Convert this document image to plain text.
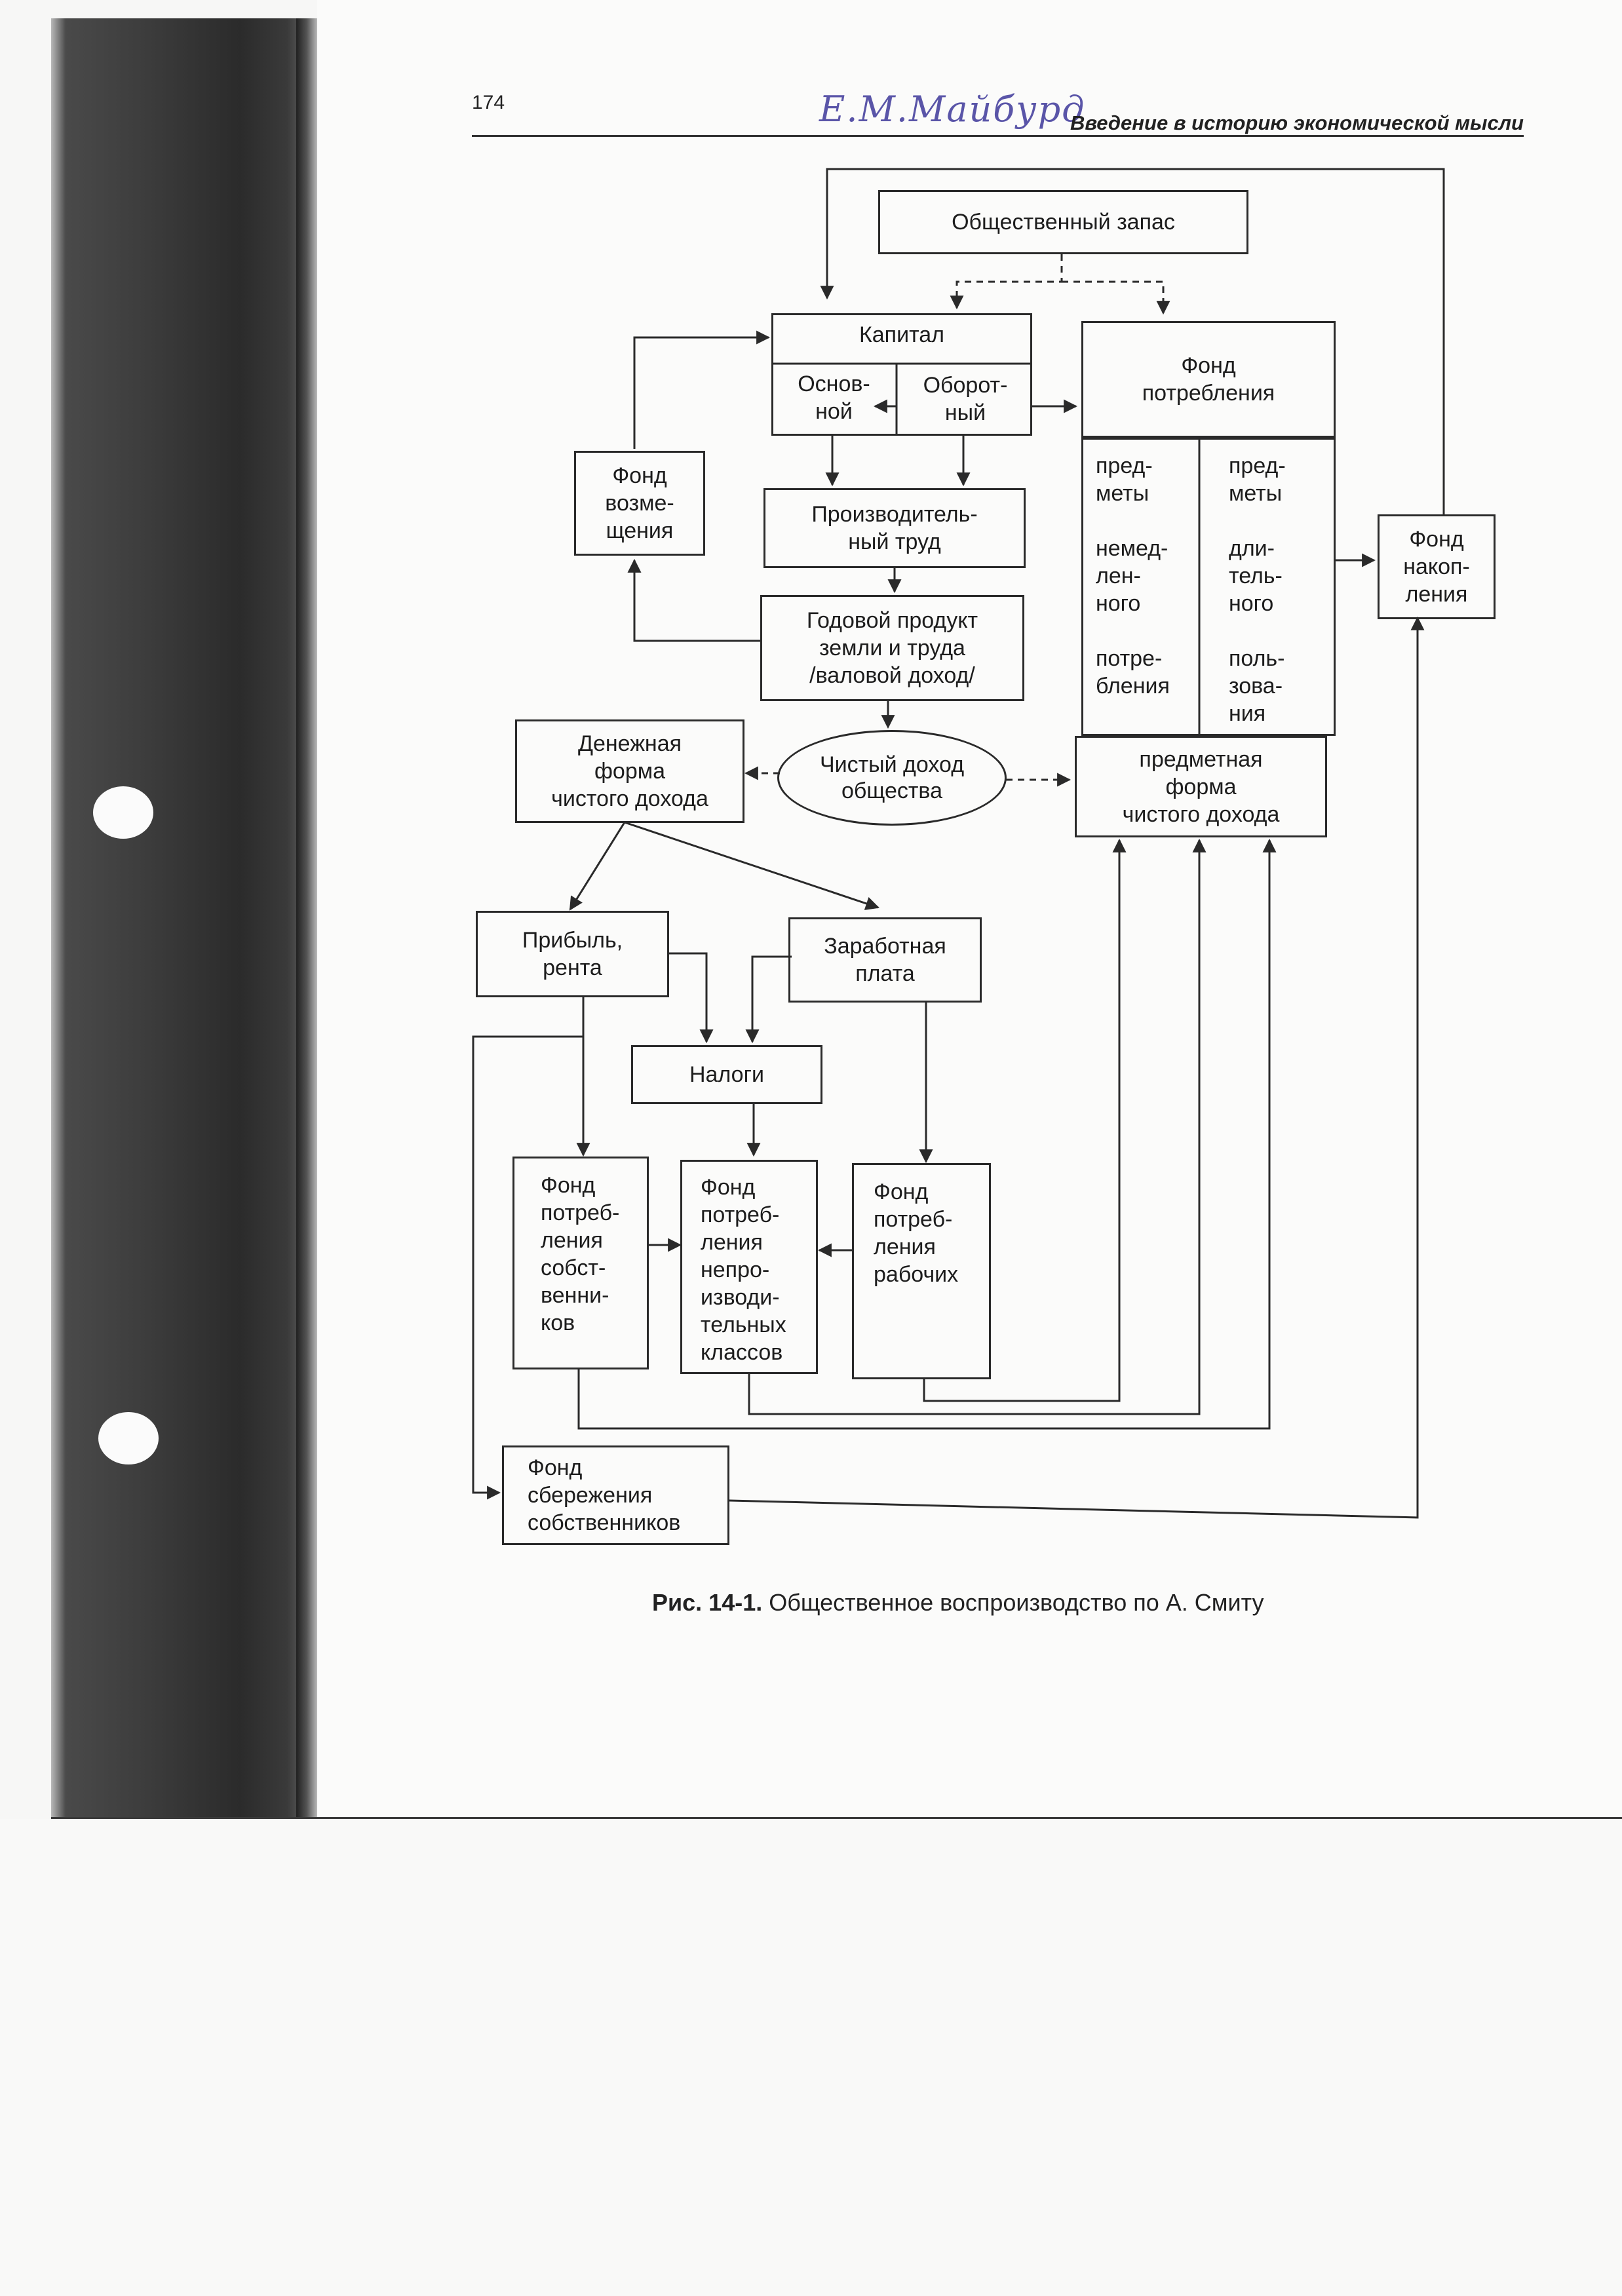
174	Е.М.Майбурд
Введение в историю экономической мысли
Общественный запас
Капитал
Основ-
ной
Оборот-
ный
Фонд
потребления
пред-
меты

немед-
лен-
ного

потре-
бления
пред-
меты

дли-
тель-
ного

поль-
зова-
ния
предметная
форма
чистого дохода
Фонд
возме-
щения
Производитель-
ный труд
Годовой продукт
земли и труда
/валовой доход/
Фонд
накоп-
ления
Денежная
форма
чистого дохода
Чистый доход
общества
Прибыль,
рента
Заработная
плата
Налоги
Фонд
потреб-
ления
собст-
венни-
ков
Фонд
потреб-
ления
непро-
изводи-
тельных
классов
Фонд
потреб-
ления
рабочих
Фонд
сбережения
собственников
Рис. 14-1. Общественное воспроизводство по А. Смиту
